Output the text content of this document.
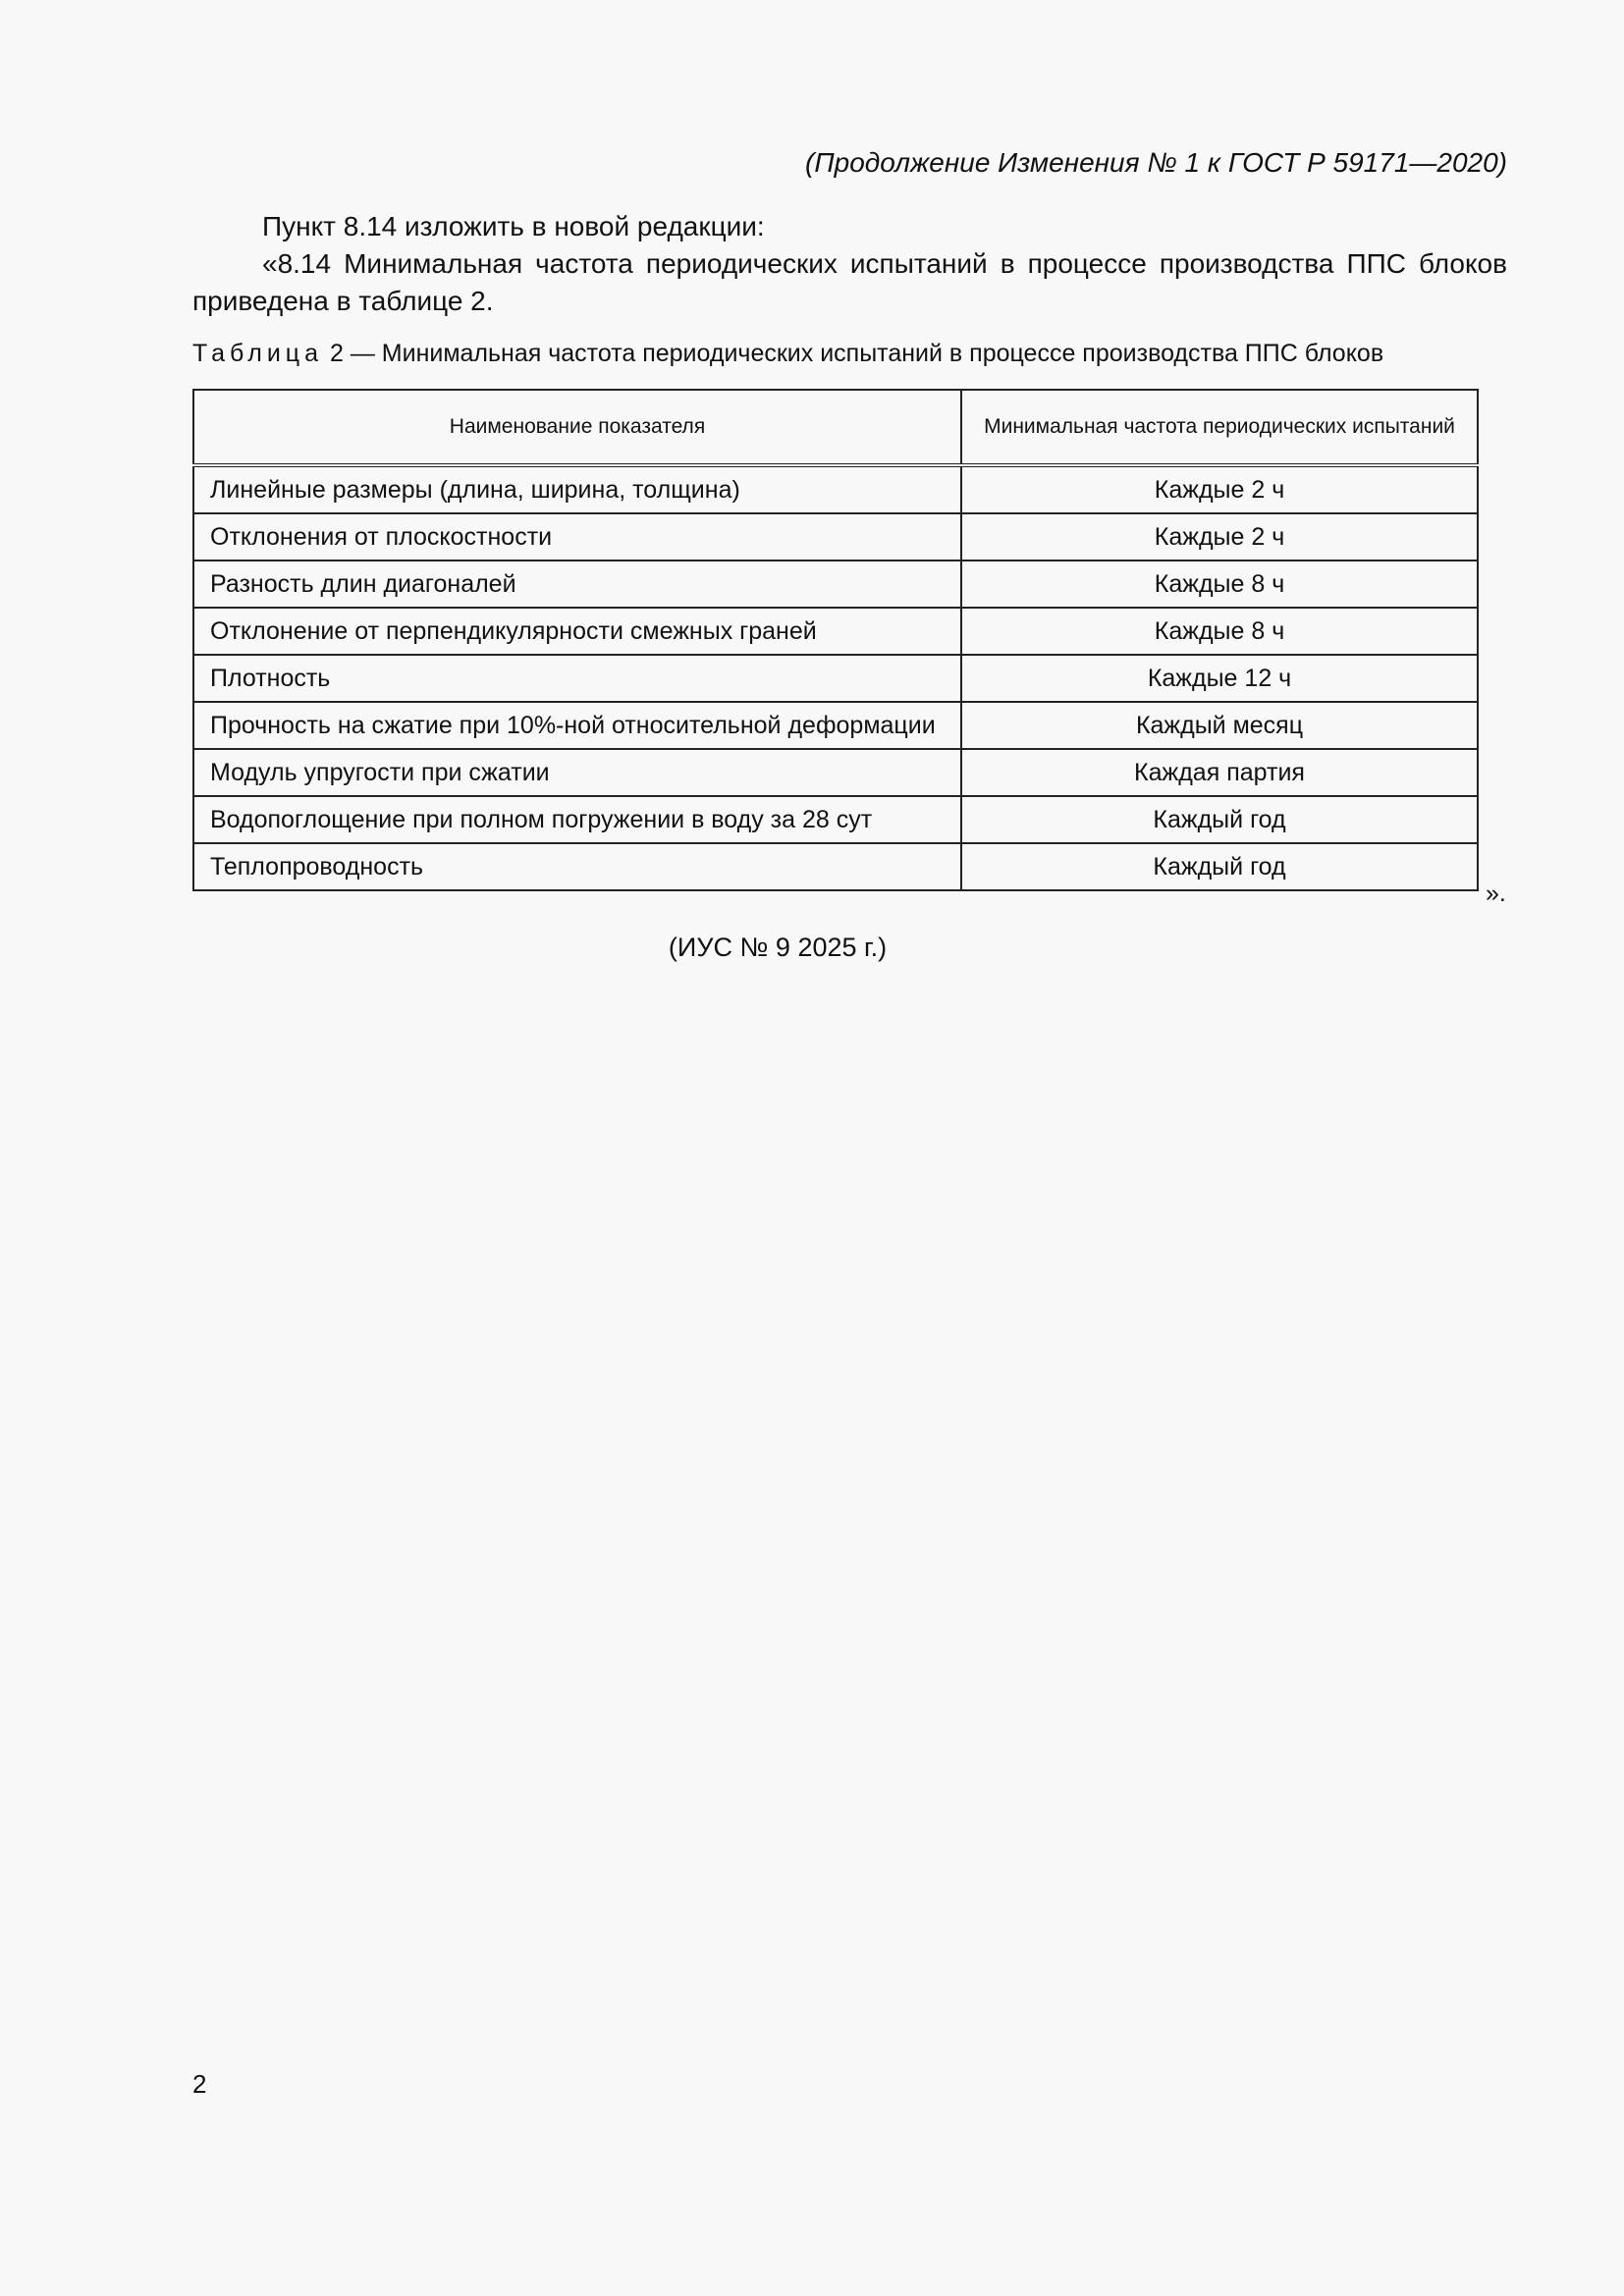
(Продолжение Изменения № 1 к ГОСТ Р 59171—2020)

Пункт 8.14 изложить в новой редакции:

«8.14 Минимальная частота периодических испытаний в процессе производства ППС блоков приведена в таблице 2.

Таблица 2 — Минимальная частота периодических испытаний в процессе производства ППС блоков
Наименование показателя	Минимальная частота периодических испытаний
Линейные размеры (длина, ширина, толщина)	Каждые 2 ч
Отклонения от плоскостности	Каждые 2 ч
Разность длин диагоналей	Каждые 8 ч
Отклонение от перпендикулярности смежных граней	Каждые 8 ч
Плотность	Каждые 12 ч
Прочность на сжатие при 10%-ной относительной деформации	Каждый месяц
Модуль упругости при сжатии	Каждая партия
Водопоглощение при полном погружении в воду за 28 сут	Каждый год
Теплопроводность	Каждый год
».
(ИУС № 9 2025 г.)
2
